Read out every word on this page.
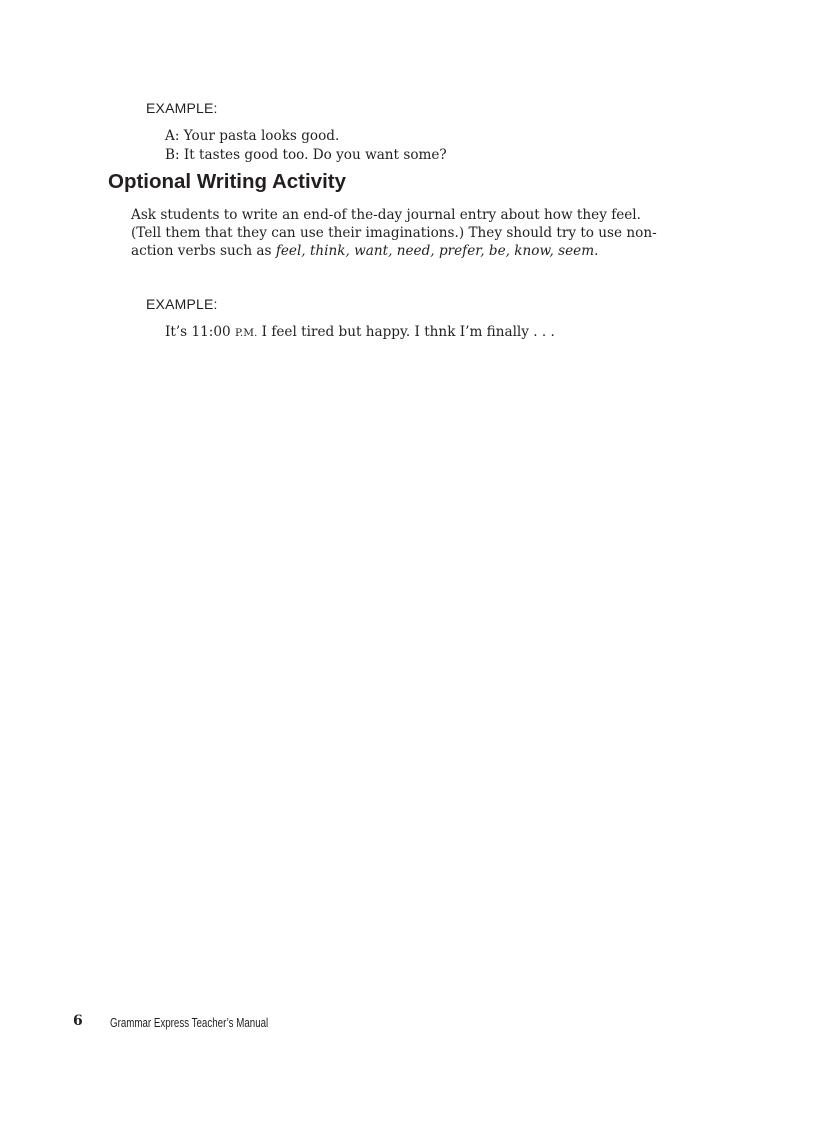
EXAMPLE:
A: Your pasta looks good.
B: It tastes good too. Do you want some?
Optional Writing Activity
Ask students to write an end-of the-day journal entry about how they feel.
(Tell them that they can use their imaginations.) They should try to use non-
action verbs such as feel, think, want, need, prefer, be, know, seem.
EXAMPLE:
It’s 11:00 P.M. I feel tired but happy. I thnk I’m finally . . .
6 Grammar Express Teacher’s Manual
